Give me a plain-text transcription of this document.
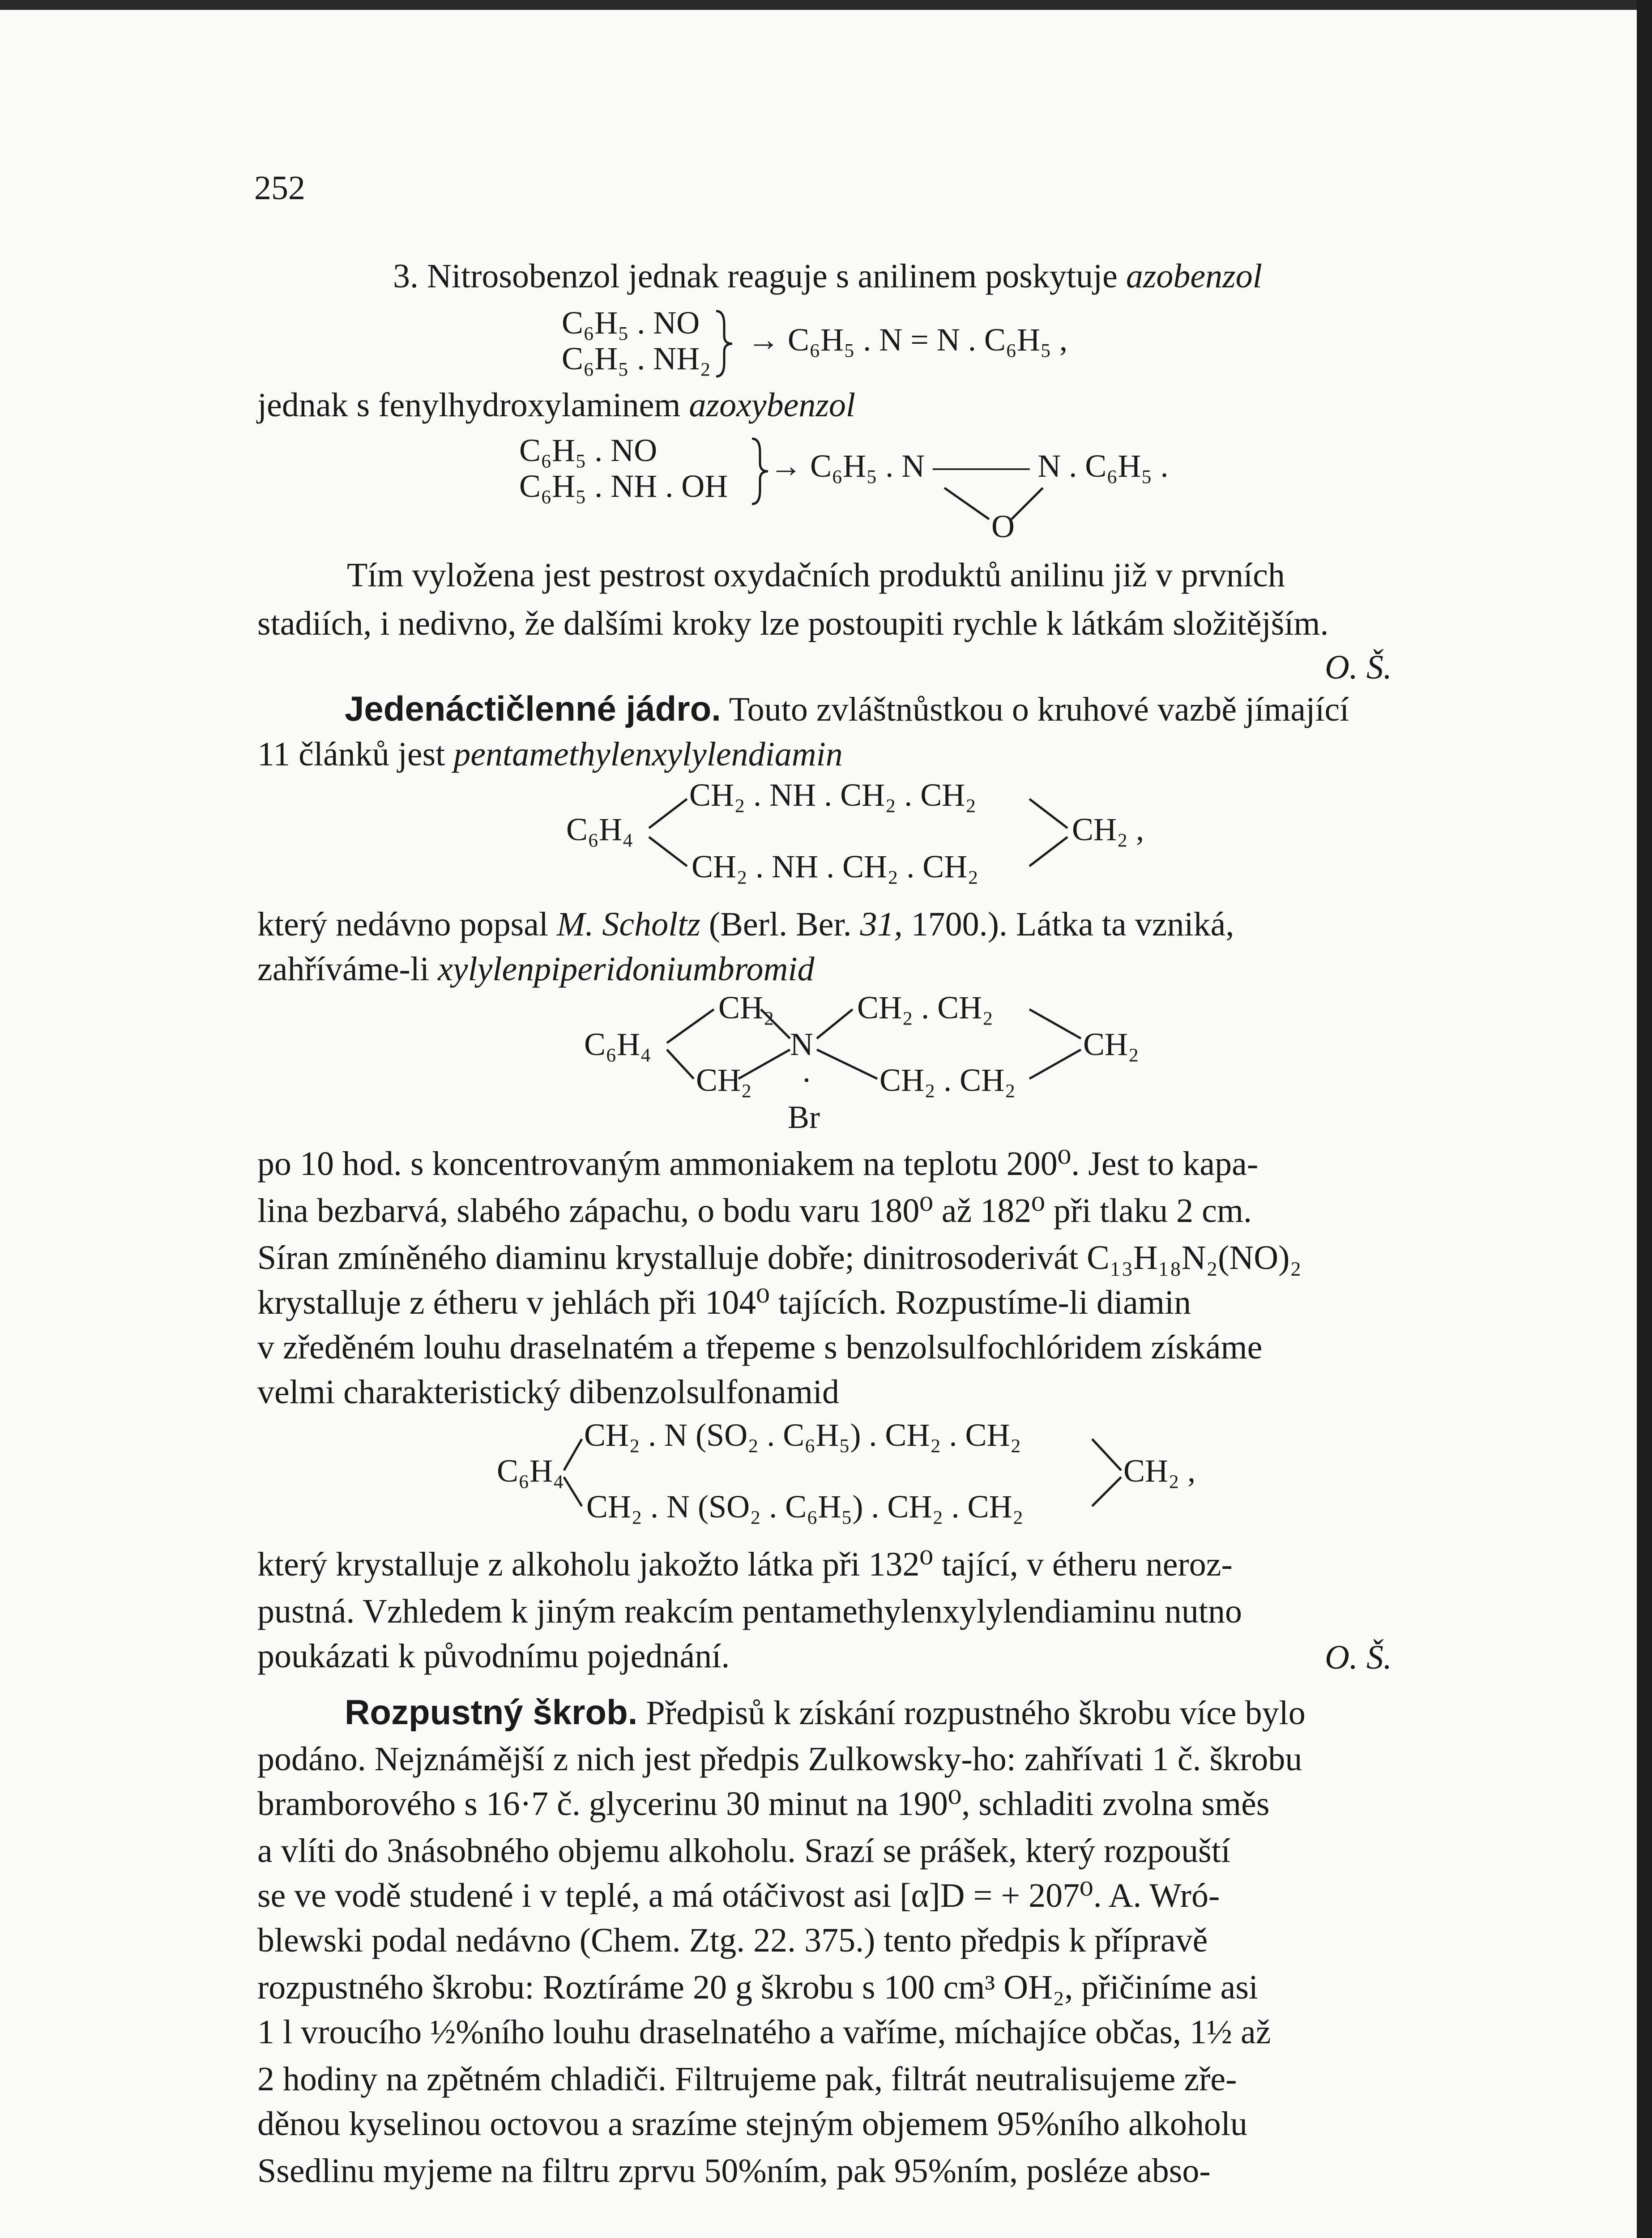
252
3. Nitrosobenzol jednak reaguje s anilinem poskytuje azobenzol
C₆H₅ . NO
C₆H₅ . NH₂
→ C₆H₅ . N = N . C₆H₅ ,
jednak s fenylhydroxylaminem azoxybenzol
C₆H₅ . NO
C₆H₅ . NH . OH
→ C₆H₅ . N ——— N . C₆H₅ .
O
Tím vyložena jest pestrost oxydačních produktů anilinu již v prvních
stadiích, i nedivno, že dalšími kroky lze postoupiti rychle k látkám složitějším.
O. Š.
Jedenáctičlenné jádro. Touto zvláštnůstkou o kruhové vazbě jímající
11 článků jest pentamethylenxylylendiamin
CH₂ . NH . CH₂ . CH₂
C₆H₄
CH₂ . NH . CH₂ . CH₂
CH₂ ,
který nedávno popsal M. Scholtz (Berl. Ber. 31, 1700.). Látka ta vzniká,
zahříváme-li xylylenpiperidoniumbromid
CH₂	CH₂ . CH₂
C₆H₄	N	CH₂
CH₂ · CH₂ . CH₂
Br
po 10 hod. s koncentrovaným ammoniakem na teplotu 200⁰. Jest to kapa-
lina bezbarvá, slabého zápachu, o bodu varu 180⁰ až 182⁰ při tlaku 2 cm.
Síran zmíněného diaminu krystalluje dobře; dinitrosoderivát C₁₃H₁₈N₂(NO)₂
krystalluje z étheru v jehlách při 104⁰ tajících. Rozpustíme-li diamin
v zředěném louhu draselnatém a třepeme s benzolsulfochlóridem získáme
velmi charakteristický dibenzolsulfonamid
CH₂ . N (SO₂ . C₆H₅) . CH₂ . CH₂
C₆H₄
CH₂ . N (SO₂ . C₆H₅) . CH₂ . CH₂
CH₂ ,
který krystalluje z alkoholu jakožto látka při 132⁰ tající, v étheru neroz-
pustná. Vzhledem k jiným reakcím pentamethylenxylylendiaminu nutno
poukázati k původnímu pojednání.	O. Š.
Rozpustný škrob. Předpisů k získání rozpustného škrobu více bylo
podáno. Nejznámější z nich jest předpis Zulkowsky-ho: zahřívati 1 č. škrobu
bramborového s 16·7 č. glycerinu 30 minut na 190⁰, schladiti zvolna směs
a vlíti do 3násobného objemu alkoholu. Srazí se prášek, který rozpouští
se ve vodě studené i v teplé, a má otáčivost asi [α]D = + 207⁰. A. Wró-
blewski podal nedávno (Chem. Ztg. 22. 375.) tento předpis k přípravě
rozpustného škrobu: Roztíráme 20 g škrobu s 100 cm³ OH₂, přičiníme asi
1 l vroucího ½%ního louhu draselnatého a vaříme, míchajíce občas, 1½ až
2 hodiny na zpětném chladiči. Filtrujeme pak, filtrát neutralisujeme zře-
děnou kyselinou octovou a srazíme stejným objemem 95%ního alkoholu
Ssedlinu myjeme na filtru zprvu 50%ním, pak 95%ním, posléze abso-
